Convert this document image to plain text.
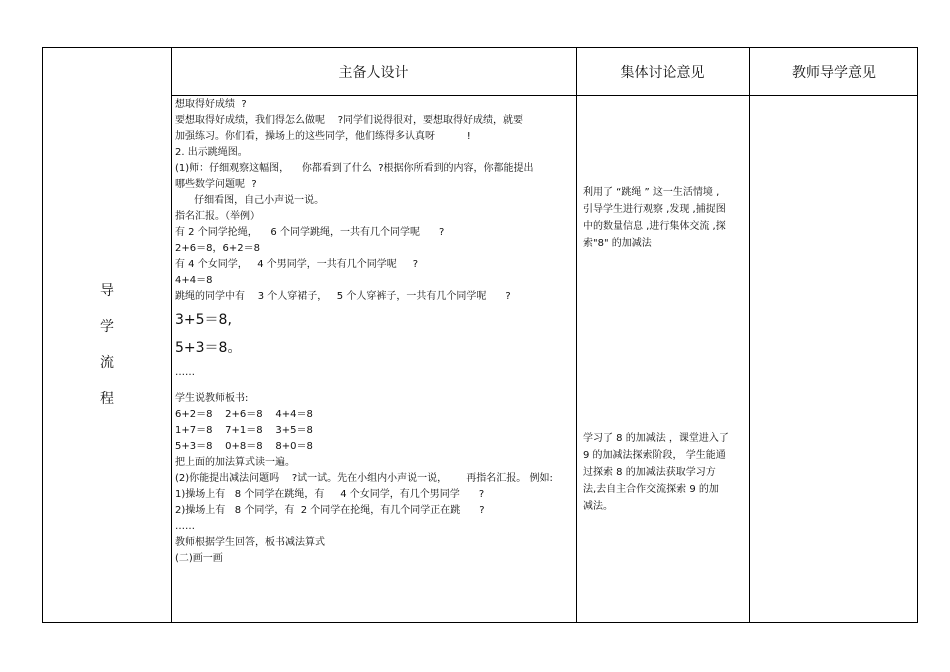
主备人设计	集体讨论意见	教师导学意见
导
学
流
程
想取得好成绩  ?
要想取得好成绩，我们得怎么做呢    ?同学们说得很对，要想取得好成绩，就要
加强练习。你们看，操场上的这些同学，他们练得多认真呀          !
2. 出示跳绳图。
(1)师：仔细观察这幅图，    你都看到了什么  ?根据你所看到的内容，你都能提出
哪些数学问题呢  ?
仔细看图，自己小声说一说。
指名汇报。（举例）
有 2 个同学抡绳，    6 个同学跳绳，一共有几个同学呢      ?
2+6＝8，6+2＝8
有 4 个女同学，   4 个男同学，一共有几个同学呢     ?
4+4＝8
跳绳的同学中有    3 个人穿裙子，   5 个人穿裤子，一共有几个同学呢      ?
3+5＝8,
5+3＝8。
……
学生说教师板书:
6+2＝8    2+6＝8    4+4＝8
1+7＝8    7+1＝8    3+5＝8
5+3＝8    0+8＝8    8+0＝8
把上面的加法算式读一遍。
(2)你能提出减法问题吗    ?试一试。先在小组内小声说一说，      再指名汇报。 例如:
1)操场上有   8 个同学在跳绳，有     4 个女同学，有几个男同学      ?
2)操场上有   8 个同学，有  2 个同学在抡绳，有几个同学正在跳      ?
……
教师根据学生回答，板书减法算式
(二)画一画
利用了 “跳绳 ” 这一生活情境 ,
引导学生进行观察 ,发现 ,捕捉图
中的数量信息 ,进行集体交流 ,探
索"8" 的加减法
学习了 8 的加减法 ，课堂进入了
9 的加减法探索阶段， 学生能通
过探索 8 的加减法获取学习方
法,去自主合作交流探索 9 的加
减法。
